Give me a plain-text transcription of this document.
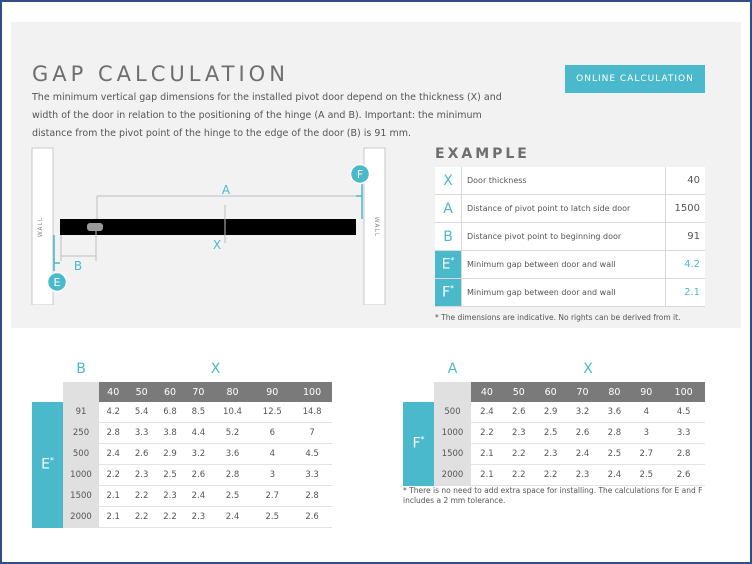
GAP CALCULATION

The minimum vertical gap dimensions for the installed pivot door depend on the thickness (X) and width of the door in relation to the positioning of the hinge (A and B). Important: the minimum distance from the pivot point of the hinge to the edge of the door (B) is 91 mm.

ONLINE CALCULATION
WALL	WALL
A
X
B
E
F
EXAMPLE
X	Door thickness	40
A	Distance of pivot point to latch side door	1500
B	Distance pivot point to beginning door	91
E*	Minimum gap between door and wall	4.2
F*	Minimum gap between door and wall	2.1

* The dimensions are indicative. No rights can be derived from it.

	B	X						
		40	50	60	70	80	90	100
E*	91	4.2	5.4	6.8	8.5	10.4	12.5	14.8
	250	2.8	3.3	3.8	4.4	5.2	6	7
	500	2.4	2.6	2.9	3.2	3.6	4	4.5
	1000	2.2	2.3	2.5	2.6	2.8	3	3.3
	1500	2.1	2.2	2.3	2.4	2.5	2.7	2.8
	2000	2.1	2.2	2.2	2.3	2.4	2.5	2.6
	A	X						
		40	50	60	70	80	90	100
F*	500	2.4	2.6	2.9	3.2	3.6	4	4.5
	1000	2.2	2.3	2.5	2.6	2.8	3	3.3
	1500	2.1	2.2	2.3	2.4	2.5	2.7	2.8
	2000	2.1	2.2	2.2	2.3	2.4	2.5	2.6

* There is no need to add extra space for installing. The calculations for E and F includes a 2 mm tolerance.
